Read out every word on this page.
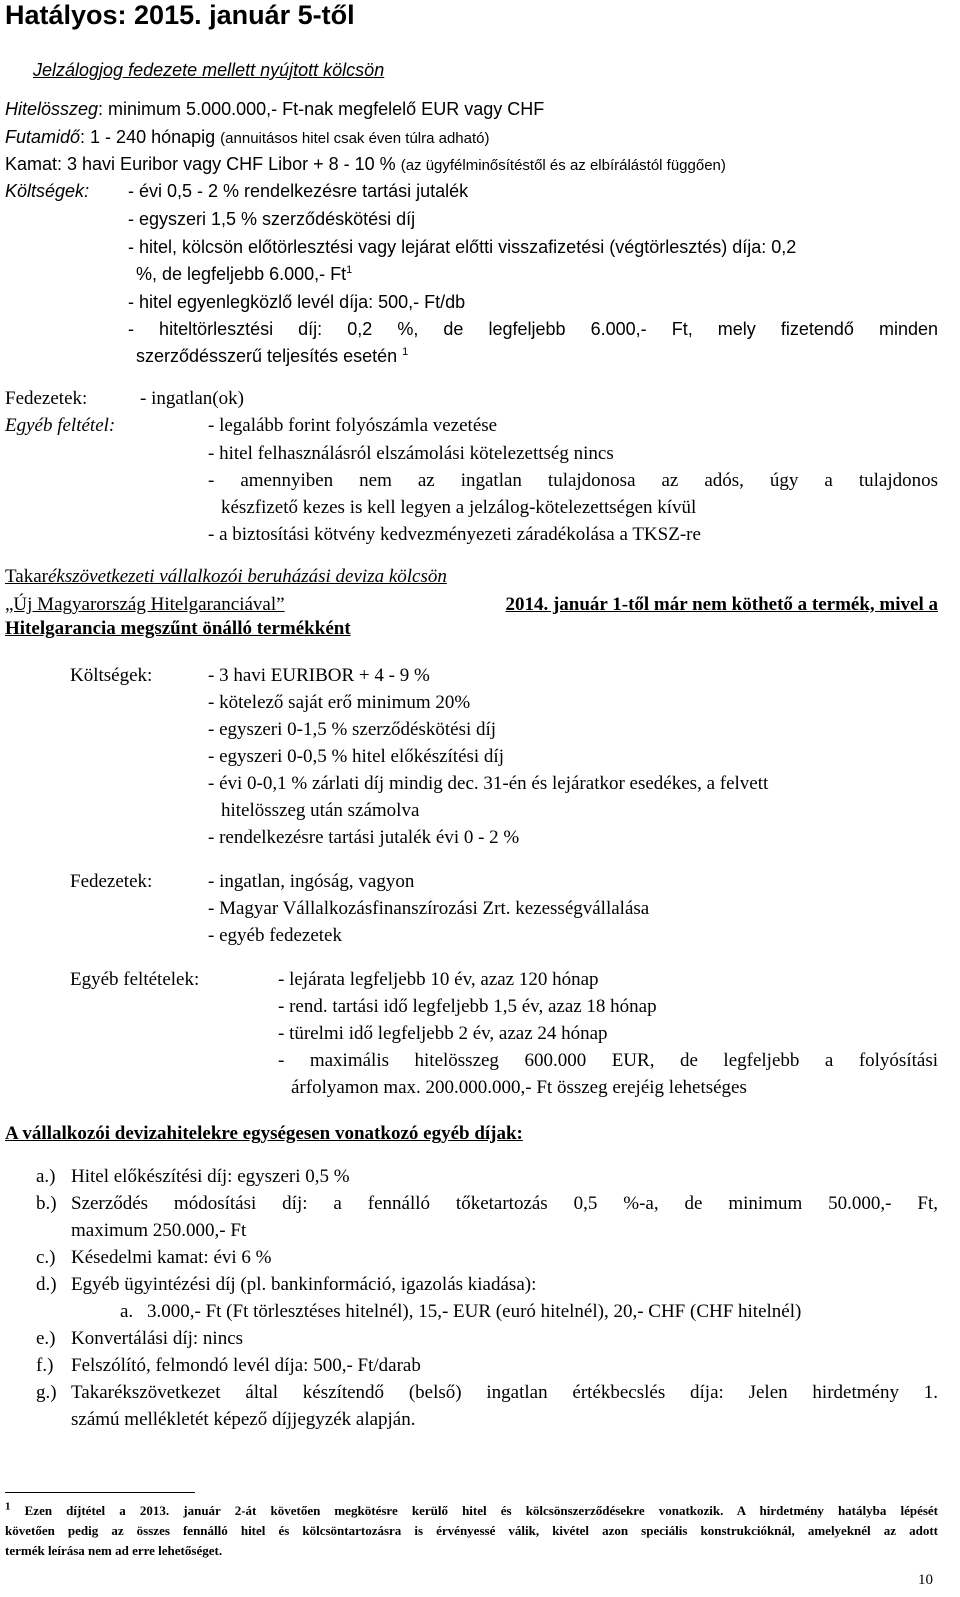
Hatályos: 2015. január 5-től
Jelzálogjog fedezete mellett nyújtott kölcsön
Hitelösszeg: minimum 5.000.000,- Ft-nak megfelelő EUR vagy CHF
Futamidő: 1 - 240 hónapig (annuitásos hitel csak éven túlra adható)
Kamat: 3 havi Euribor vagy CHF Libor + 8 - 10 % (az ügyfélminősítéstől és az elbírálástól függően)
Költségek: - évi 0,5 - 2 % rendelkezésre tartási jutalék
- egyszeri 1,5 % szerződéskötési díj
- hitel, kölcsön előtörlesztési vagy lejárat előtti visszafizetési (végtörlesztés) díja: 0,2
%, de legfeljebb 6.000,- Ft$^1$
- hitel egyenlegközlő levél díja: 500,- Ft/db
- hiteltörlesztési díj: 0,2 %, de legfeljebb 6.000,- Ft, mely fizetendő minden
szerződésszerű teljesítés esetén $^1$
Fedezetek:	- ingatlan(ok)
Egyéb feltétel:	- legalább forint folyószámla vezetése
- hitel felhasználásról elszámolási kötelezettség nincs
- amennyiben nem az ingatlan tulajdonosa az adós, úgy a tulajdonos
készfizető kezes is kell legyen a jelzálog-kötelezettségen kívül
- a biztosítási kötvény kedvezményezeti záradékolása a TKSZ-re
Takarékszövetkezeti vállalkozói beruházási deviza kölcsön
„Új Magyarország Hitelgaranciával”	2014. január 1-től már nem köthető a termék, mivel a
Hitelgarancia megszűnt önálló termékként
Költségek:	- 3 havi EURIBOR + 4 - 9 %
- kötelező saját erő minimum 20%
- egyszeri 0-1,5 % szerződéskötési díj
- egyszeri 0-0,5 % hitel előkészítési díj
- évi 0-0,1 % zárlati díj mindig dec. 31-én és lejáratkor esedékes, a felvett
hitelösszeg után számolva
- rendelkezésre tartási jutalék évi 0 - 2 %
Fedezetek:	- ingatlan, ingóság, vagyon
- Magyar Vállalkozásfinanszírozási Zrt. kezességvállalása
- egyéb fedezetek
Egyéb feltételek:	- lejárata legfeljebb 10 év, azaz 120 hónap
- rend. tartási idő legfeljebb 1,5 év, azaz 18 hónap
- türelmi idő legfeljebb 2 év, azaz 24 hónap
- maximális hitelösszeg 600.000 EUR, de legfeljebb a folyósítási
árfolyamon max. 200.000.000,- Ft összeg erejéig lehetséges
A vállalkozói devizahitelekre egységesen vonatkozó egyéb díjak:
a.) Hitel előkészítési díj: egyszeri 0,5 %
b.) Szerződés módosítási díj: a fennálló tőketartozás 0,5 %-a, de minimum 50.000,- Ft,
maximum 250.000,- Ft
c.) Késedelmi kamat: évi 6 %
d.) Egyéb ügyintézési díj (pl. bankinformáció, igazolás kiadása):
a. 3.000,- Ft (Ft törlesztéses hitelnél), 15,- EUR (euró hitelnél), 20,- CHF (CHF hitelnél)
e.) Konvertálási díj: nincs
f.) Felszólító, felmondó levél díja: 500,- Ft/darab
g.) Takarékszövetkezet által készítendő (belső) ingatlan értékbecslés díja: Jelen hirdetmény 1.
számú mellékletét képező díjjegyzék alapján.
$^1$ Ezen díjtétel a 2013. január 2-át követően megkötésre kerülő hitel és kölcsönszerződésekre vonatkozik. A hirdetmény hatályba lépését
követően pedig az összes fennálló hitel és kölcsöntartozásra is érvényessé válik, kivétel azon speciális konstrukcióknál, amelyeknél az adott
termék leírása nem ad erre lehetőséget.
10
